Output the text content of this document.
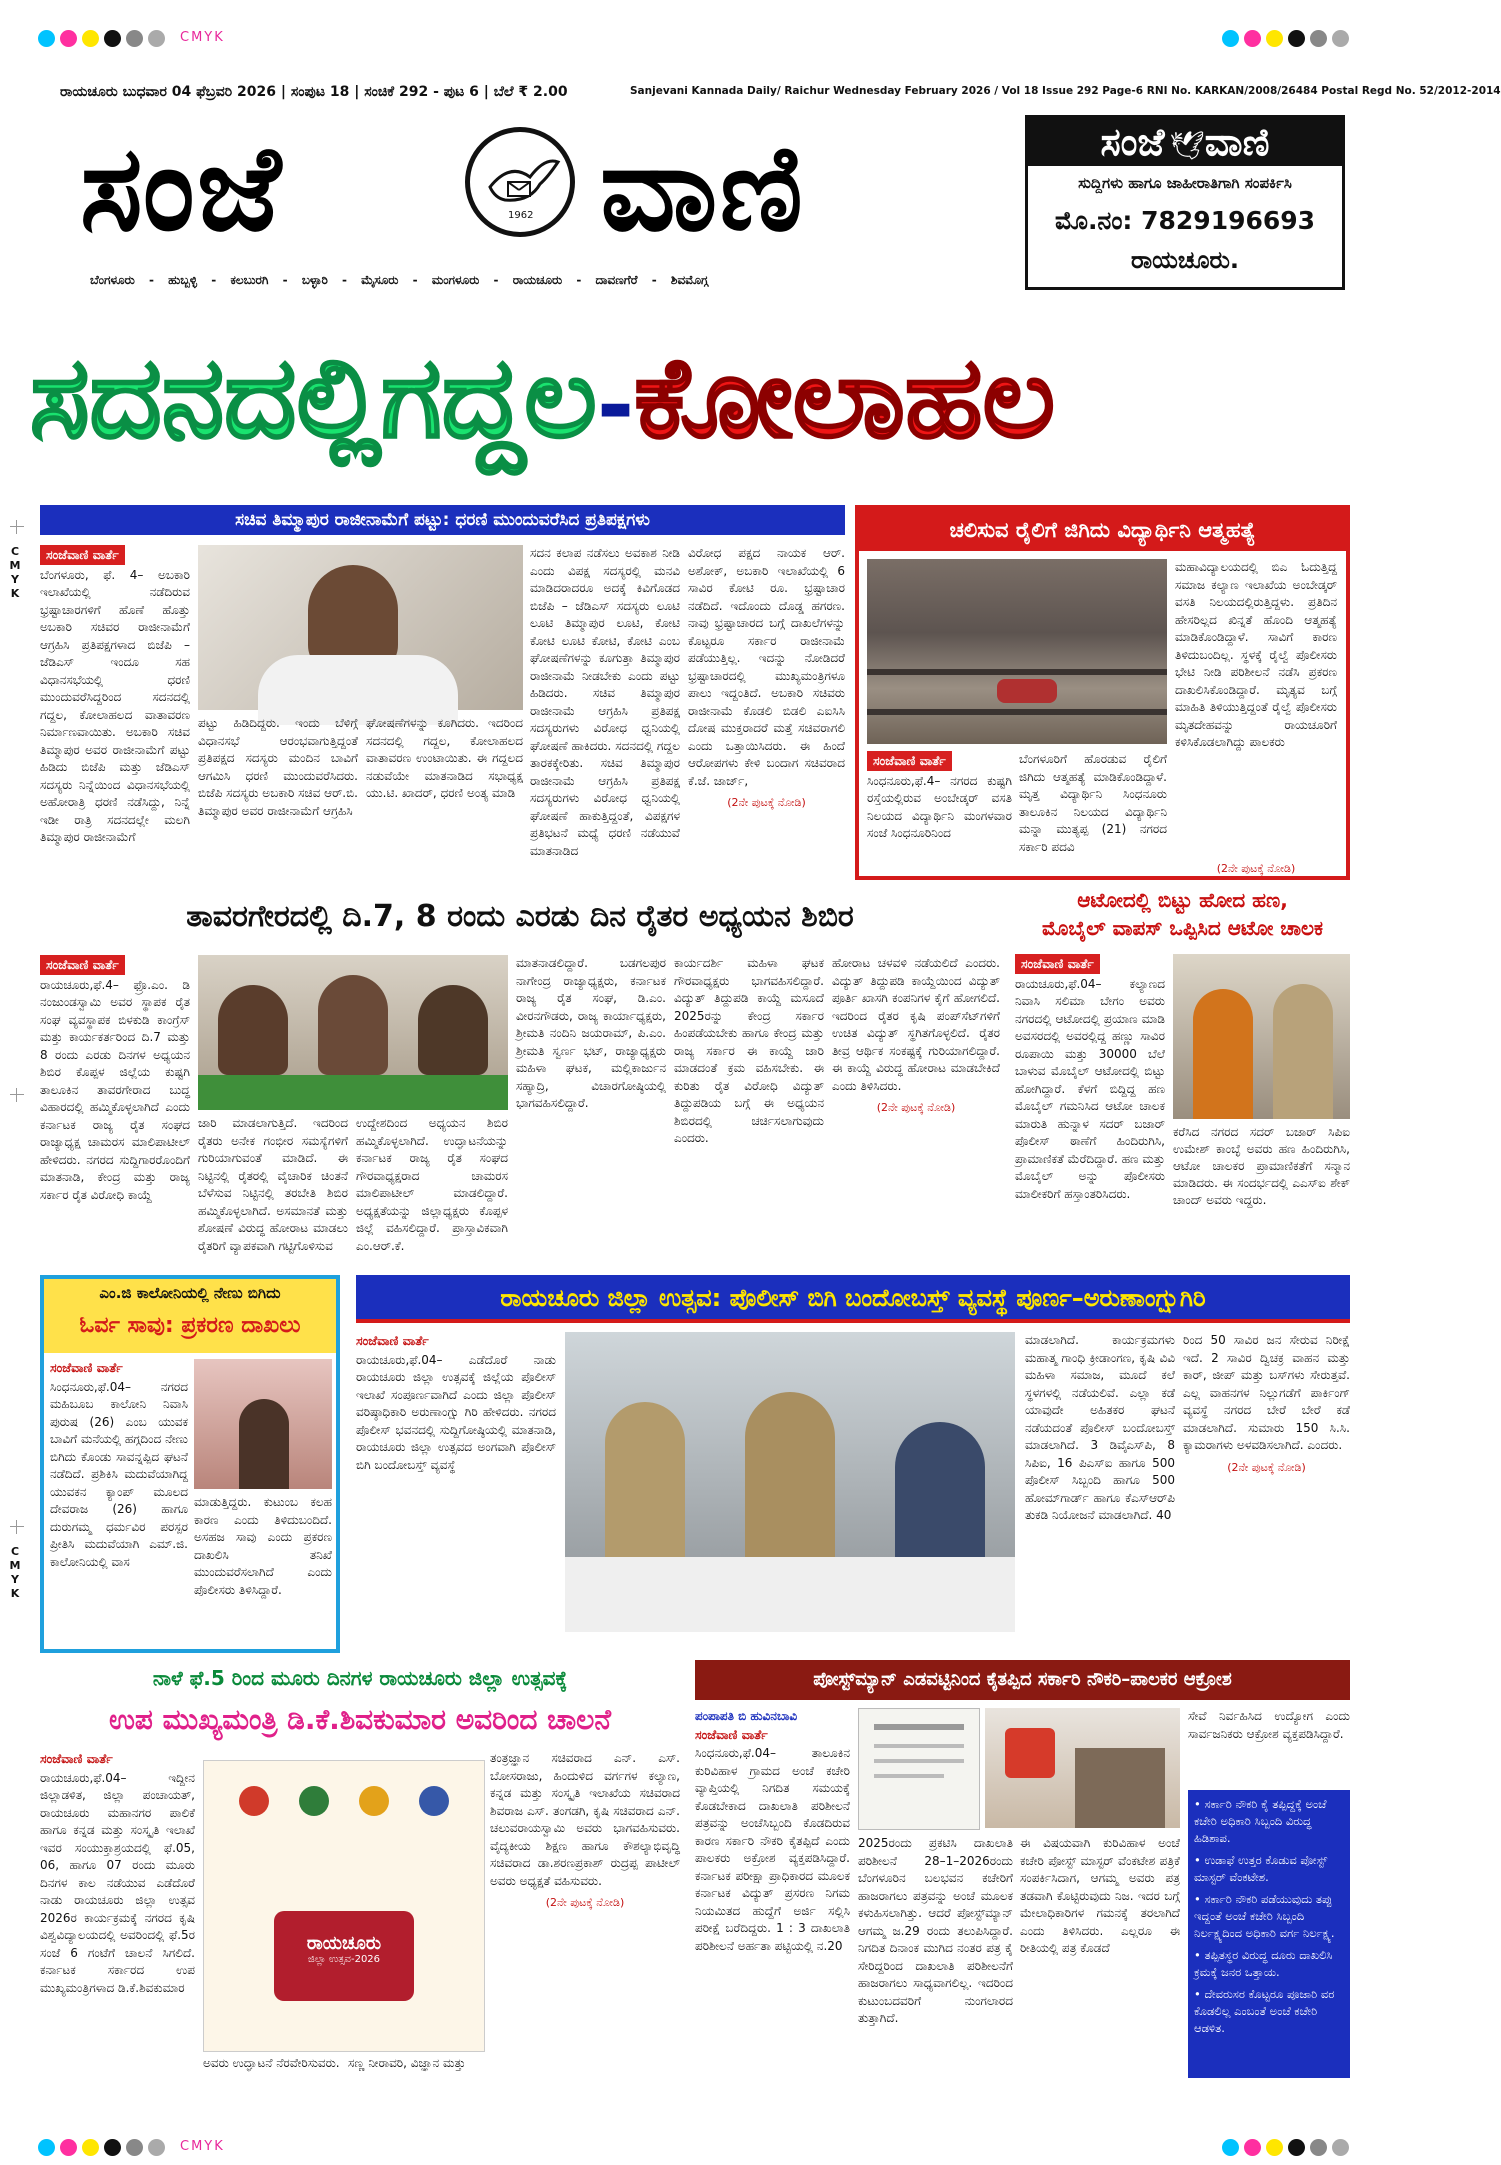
CMYK
ರಾಯಚೂರು ಬುಧವಾರ 04 ಫೆಬ್ರವರಿ 2026 | ಸಂಪುಟ 18 | ಸಂಚಿಕೆ 292 - ಪುಟ 6 | ಬೆಲೆ ₹ 2.00	Sanjevani Kannada Daily/ Raichur Wednesday February 2026 / Vol 18 Issue 292 Page-6 RNI No. KARKAN/2008/26484 Postal Regd No. 52/2012-2014
ಸಂಜೆ	1962 ವಾಣಿ
ಬೆಂಗಳೂರು - ಹುಬ್ಬಳ್ಳಿ - ಕಲಬುರಗಿ - ಬಳ್ಳಾರಿ - ಮೈಸೂರು - ಮಂಗಳೂರು - ರಾಯಚೂರು - ದಾವಣಗೆರೆ - ಶಿವಮೊಗ್ಗ
ಸಂಜೆ 🕊 ವಾಣಿ
ಸುದ್ದಿಗಳು ಹಾಗೂ ಜಾಹೀರಾತಿಗಾಗಿ ಸಂಪರ್ಕಿಸಿ
ಮೊ.ನಂ: 7829196693
ರಾಯಚೂರು.
ಸದನದಲ್ಲಿಗದ್ದಲ-ಕೋಲಾಹಲ
ಸಚಿವ ತಿಮ್ಮಾಪುರ ರಾಜೀನಾಮೆಗೆ ಪಟ್ಟು: ಧರಣಿ ಮುಂದುವರೆಸಿದ ಪ್ರತಿಪಕ್ಷಗಳು
ಸಂಜೆವಾಣಿ ವಾರ್ತೆ

ಬೆಂಗಳೂರು, ಫೆ. 4– ಅಬಕಾರಿ ಇಲಾಖೆಯಲ್ಲಿ ನಡೆದಿರುವ ಭ್ರಷ್ಟಾಚಾರಗಳಿಗೆ ಹೊಣೆ ಹೊತ್ತು ಅಬಕಾರಿ ಸಚಿವರ ರಾಜೀನಾಮೆಗೆ ಆಗ್ರಹಿಸಿ ಪ್ರತಿಪಕ್ಷಗಳಾದ ಬಿಜೆಪಿ – ಜೆಡಿಎಸ್ ಇಂದೂ ಸಹ ವಿಧಾನಸಭೆಯಲ್ಲಿ ಧರಣಿ ಮುಂದುವರೆಸಿದ್ದರಿಂದ ಸದನದಲ್ಲಿ ಗದ್ದಲ, ಕೋಲಾಹಲದ ವಾತಾವರಣ ನಿರ್ಮಾಣವಾಯಿತು. ಅಬಕಾರಿ ಸಚಿವ ತಿಮ್ಮಾಪುರ ಅವರ ರಾಜೀನಾಮೆಗೆ ಪಟ್ಟು ಹಿಡಿದು ಬಿಜೆಪಿ ಮತ್ತು ಜೆಡಿಎಸ್ ಸದಸ್ಯರು ನಿನ್ನೆಯಿಂದ ವಿಧಾನಸಭೆಯಲ್ಲಿ ಅಹೋರಾತ್ರಿ ಧರಣಿ ನಡೆಸಿದ್ದು, ನಿನ್ನೆ ಇಡೀ ರಾತ್ರಿ ಸದನದಲ್ಲೇ ಮಲಗಿ ತಿಮ್ಮಾಪುರ ರಾಜೀನಾಮೆಗೆ

ಪಟ್ಟು ಹಿಡಿದಿದ್ದರು. ಇಂದು ಬೆಳಿಗ್ಗೆ ವಿಧಾನಸಭೆ ಆರಂಭವಾಗುತ್ತಿದ್ದಂತೆ ಪ್ರತಿಪಕ್ಷದ ಸದಸ್ಯರು ಮಂದಿನ ಬಾವಿಗೆ ಆಗಮಿಸಿ ಧರಣಿ ಮುಂದುವರೆಸಿದರು. ಬಿಜೆಪಿ ಸದಸ್ಯರು ಅಬಕಾರಿ ಸಚಿವ ಆರ್.ಬಿ. ತಿಮ್ಮಾಪುರ ಅವರ ರಾಜೀನಾಮೆಗೆ ಆಗ್ರಹಿಸಿ

ಘೋಷಣೆಗಳನ್ನು ಕೂಗಿದರು. ಇದರಿಂದ ಸದನದಲ್ಲಿ ಗದ್ದಲ, ಕೋಲಾಹಲದ ವಾತಾವರಣ ಉಂಟಾಯಿತು. ಈ ಗದ್ದಲದ ನಡುವೆಯೇ ಮಾತನಾಡಿದ ಸಭಾಧ್ಯಕ್ಷ ಯು.ಟಿ. ಖಾದರ್, ಧರಣಿ ಅಂತ್ಯ ಮಾಡಿ

ಸದನ ಕಲಾಪ ನಡೆಸಲು ಅವಕಾಶ ನೀಡಿ ಎಂದು ವಿಪಕ್ಷ ಸದಸ್ಯರಲ್ಲಿ ಮನವಿ ಮಾಡಿದರಾದರೂ ಅದಕ್ಕೆ ಕಿವಿಗೊಡದ ಬಿಜೆಪಿ – ಜೆಡಿಎಸ್ ಸದಸ್ಯರು ಲೂಟಿ ಲೂಟಿ ತಿಮ್ಮಾಪುರ ಲೂಟಿ, ಕೋಟಿ ಕೋಟಿ ಲೂಟಿ ಕೋಟಿ, ಕೋಟಿ ಎಂಬ ಘೋಷಣೆಗಳನ್ನು ಕೂಗುತ್ತಾ ತಿಮ್ಮಾಪುರ ರಾಜೀನಾಮೆ ನೀಡಬೇಕು ಎಂದು ಪಟ್ಟು ಹಿಡಿದರು. ಸಚಿವ ತಿಮ್ಮಾಪುರ ರಾಜೀನಾಮೆ ಆಗ್ರಹಿಸಿ ಪ್ರತಿಪಕ್ಷ ಸದಸ್ಯರುಗಳು ವಿರೋಧ ಧ್ವನಿಯಲ್ಲಿ ಘೋಷಣೆ ಹಾಕಿದರು. ಸದನದಲ್ಲಿ ಗದ್ದಲ ತಾರಕಕ್ಕೇರಿತು. ಸಚಿವ ತಿಮ್ಮಾಪುರ ರಾಜೀನಾಮೆ ಆಗ್ರಹಿಸಿ ಪ್ರತಿಪಕ್ಷ ಸದಸ್ಯರುಗಳು ವಿರೋಧ ಧ್ವನಿಯಲ್ಲಿ ಘೋಷಣೆ ಹಾಕುತ್ತಿದ್ದಂತೆ, ವಿಪಕ್ಷಗಳ ಪ್ರತಿಭಟನೆ ಮಧ್ಯೆ ಧರಣಿ ನಡೆಯುವೆ ಮಾತನಾಡಿದ

ವಿರೋಧ ಪಕ್ಷದ ನಾಯಕ ಆರ್. ಅಶೋಕ್, ಅಬಕಾರಿ ಇಲಾಖೆಯಲ್ಲಿ 6 ಸಾವಿರ ಕೋಟಿ ರೂ. ಭ್ರಷ್ಟಾಚಾರ ನಡೆದಿದೆ. ಇದೊಂದು ದೊಡ್ಡ ಹಗರಣ. ನಾವು ಭ್ರಷ್ಟಾಚಾರದ ಬಗ್ಗೆ ದಾಖಲೆಗಳನ್ನು ಕೊಟ್ಟರೂ ಸರ್ಕಾರ ರಾಜೀನಾಮೆ ಪಡೆಯುತ್ತಿಲ್ಲ. ಇದನ್ನು ನೋಡಿದರೆ ಭ್ರಷ್ಟಾಚಾರದಲ್ಲಿ ಮುಖ್ಯಮಂತ್ರಿಗಳೂ ಪಾಲು ಇದ್ದಂತಿದೆ. ಅಬಕಾರಿ ಸಚಿವರು ರಾಜೀನಾಮೆ ಕೊಡಲಿ ಬಿಡಲಿ ಎಐಸಿಸಿ ದೋಷ ಮುಕ್ತರಾದರೆ ಮತ್ತೆ ಸಚಿವರಾಗಲಿ ಎಂದು ಒತ್ತಾಯಿಸಿದರು. ಈ ಹಿಂದೆ ಆರೋಪಗಳು ಕೇಳಿ ಬಂದಾಗ ಸಚಿವರಾದ ಕೆ.ಜೆ. ಜಾರ್ಜ್,

(2ನೇ ಪುಟಕ್ಕೆ ನೋಡಿ)
ಚಲಿಸುವ ರೈಲಿಗೆ ಜಿಗಿದು ವಿದ್ಯಾರ್ಥಿನಿ ಆತ್ಮಹತ್ಯೆ
ಸಂಜೆವಾಣಿ ವಾರ್ತೆ

ಸಿಂಧನೂರು,ಫೆ.4– ನಗರದ ಕುಷ್ಟಗಿ ರಸ್ತೆಯಲ್ಲಿರುವ ಅಂಬೇಡ್ಕರ್ ವಸತಿ ನಿಲಯದ ವಿದ್ಯಾರ್ಥಿನಿ ಮಂಗಳವಾರ ಸಂಜೆ ಸಿಂಧನೂರಿನಿಂದ

ಬೆಂಗಳೂರಿಗೆ ಹೊರಡುವ ರೈಲಿಗೆ ಜಿಗಿದು ಆತ್ಮಹತ್ಯೆ ಮಾಡಿಕೊಂಡಿದ್ದಾಳೆ. ಮೃತ್ತ ವಿದ್ಯಾರ್ಥಿನಿ ಸಿಂಧನೂರು ತಾಲೂಕಿನ ನಿಲಯದ ವಿದ್ಯಾರ್ಥಿನಿ ಮನ್ನಾ ಮುತ್ಯಪ್ಪ (21) ನಗರದ ಸರ್ಕಾರಿ ಪದವಿ

ಮಹಾವಿದ್ಯಾಲಯದಲ್ಲಿ ಬಿಎ ಓದುತ್ತಿದ್ದ ಸಮಾಜ ಕಲ್ಯಾಣ ಇಲಾಖೆಯ ಅಂಬೇಡ್ಕರ್ ವಸತಿ ನಿಲಯದಲ್ಲಿರುತ್ತಿದ್ದಳು. ಪ್ರತಿದಿನ ಹೇಸರಿಲ್ಲದ ಖಿನ್ನತೆ ಹೊಂದಿ ಆತ್ಮಹತ್ಯೆ ಮಾಡಿಕೊಂಡಿದ್ದಾಳೆ. ಸಾವಿಗೆ ಕಾರಣ ತಿಳಿದುಬಂದಿಲ್ಲ. ಸ್ಥಳಕ್ಕೆ ರೈಲ್ವೆ ಪೊಲೀಸರು ಭೇಟಿ ನೀಡಿ ಪರಿಶೀಲನೆ ನಡೆಸಿ ಪ್ರಕರಣ ದಾಖಲಿಸಿಕೊಂಡಿದ್ದಾರೆ. ಮೃತ್ಯವ ಬಗ್ಗೆ ಮಾಹಿತಿ ತಿಳಿಯುತ್ತಿದ್ದಂತೆ ರೈಲ್ವೆ ಪೊಲೀಸರು ಮೃತದೇಹವನ್ನು ರಾಯಚೂರಿಗೆ ಕಳಿಸಿಕೊಡಲಾಗಿದ್ದು ಪಾಲಕರು

(2ನೇ ಪುಟಕ್ಕೆ ನೋಡಿ)
ತಾವರಗೇರದಲ್ಲಿ ದಿ.7, 8 ರಂದು ಎರಡು ದಿನ ರೈತರ ಅಧ್ಯಯನ ಶಿಬಿರ
ಸಂಜೆವಾಣಿ ವಾರ್ತೆ

ರಾಯಚೂರು,ಫೆ.4– ಫ್ರೊ.ಎಂ. ಡಿ ನಂಜುಂಡಸ್ವಾಮಿ ಅವರ ಸ್ಥಾಪಕ ರೈತ ಸಂಘ ವ್ಯವಸ್ಥಾಪಕ ಬಿಳಕುಡಿ ಕಾಂಗ್ರೆಸ್ ಮತ್ತು ಕಾರ್ಯಕರ್ತರಿಂದ ದಿ.7 ಮತ್ತು 8 ರಂದು ಎರಡು ದಿನಗಳ ಅಧ್ಯಯನ ಶಿಬಿರ ಕೊಪ್ಪಳ ಜಿಲ್ಲೆಯ ಕುಷ್ಟಗಿ ತಾಲೂಕಿನ ತಾವರಗೇರಾದ ಬುದ್ಧ ವಿಹಾರದಲ್ಲಿ ಹಮ್ಮಿಕೊಳ್ಳಲಾಗಿದೆ ಎಂದು ಕರ್ನಾಟಕ ರಾಜ್ಯ ರೈತ ಸಂಘದ ರಾಜ್ಯಾಧ್ಯಕ್ಷ ಚಾಮರಸ ಮಾಲಿಪಾಟೀಲ್ ಹೇಳಿದರು. ನಗರದ ಸುದ್ದಿಗಾರರೊಂದಿಗೆ ಮಾತನಾಡಿ, ಕೇಂದ್ರ ಮತ್ತು ರಾಜ್ಯ ಸರ್ಕಾರ ರೈತ ವಿರೋಧಿ ಕಾಯ್ದೆ

ಜಾರಿ ಮಾಡಲಾಗುತ್ತಿದೆ. ಇದರಿಂದ ರೈತರು ಅನೇಕ ಗಂಭೀರ ಸಮಸ್ಯೆಗಳಿಗೆ ಗುರಿಯಾಗುವಂತೆ ಮಾಡಿದೆ. ಈ ನಿಟ್ಟಿನಲ್ಲಿ ರೈತರಲ್ಲಿ ವೈಚಾರಿಕ ಚಿಂತನೆ ಬೆಳೆಸುವ ನಿಟ್ಟಿನಲ್ಲಿ ತರಬೇತಿ ಶಿಬಿರ ಹಮ್ಮಿಕೊಳ್ಳಲಾಗಿದೆ. ಅಸಮಾನತೆ ಮತ್ತು ಶೋಷಣೆ ವಿರುದ್ಧ ಹೋರಾಟ ಮಾಡಲು ರೈತರಿಗೆ ವ್ಯಾಪಕವಾಗಿ ಗಟ್ಟಿಗೊಳಿಸುವ

ಉದ್ದೇಶದಿಂದ ಅಧ್ಯಯನ ಶಿಬಿರ ಹಮ್ಮಿಕೊಳ್ಳಲಾಗಿದೆ. ಉದ್ಘಾಟನೆಯನ್ನು ಕರ್ನಾಟಕ ರಾಜ್ಯ ರೈತ ಸಂಘದ ಗೌರವಾಧ್ಯಕ್ಷರಾದ ಚಾಮರಸ ಮಾಲಿಪಾಟೀಲ್ ಮಾಡಲಿದ್ದಾರೆ. ಅಧ್ಯಕ್ಷತೆಯನ್ನು ಜಿಲ್ಲಾಧ್ಯಕ್ಷರು ಕೊಪ್ಪಳ ಜಿಲ್ಲೆ ವಹಿಸಲಿದ್ದಾರೆ. ಪ್ರಾಸ್ತಾವಿಕವಾಗಿ ಎಂ.ಆರ್.ಕೆ.

ಮಾತನಾಡಲಿದ್ದಾರೆ. ಬಡಗಲಪುರ ನಾಗೇಂದ್ರ ರಾಜ್ಯಾಧ್ಯಕ್ಷರು, ಕರ್ನಾಟಕ ರಾಜ್ಯ ರೈತ ಸಂಘ, ಡಿ.ಎಂ. ವೀರನಗೌಡರು, ರಾಜ್ಯ ಕಾರ್ಯಾಧ್ಯಕ್ಷರು, ಶ್ರೀಮತಿ ನಂದಿನಿ ಜಯರಾಮ್, ಪಿ.ಎಂ. ಶ್ರೀಮತಿ ಸ್ವರ್ಣ ಭಟ್, ರಾಜ್ಯಾಧ್ಯಕ್ಷರು ಮಹಿಳಾ ಘಟಕ, ಮಲ್ಲಿಕಾರ್ಜುನ ಸಹ್ಯಾದ್ರಿ, ವಿಚಾರಗೋಷ್ಠಿಯಲ್ಲಿ ಭಾಗವಹಿಸಲಿದ್ದಾರೆ.

ಕಾರ್ಯದರ್ಶಿ ಮಹಿಳಾ ಘಟಕ ಗೌರವಾಧ್ಯಕ್ಷರು ಭಾಗವಹಿಸಲಿದ್ದಾರೆ. ವಿದ್ಯುತ್ ತಿದ್ದುಪಡಿ ಕಾಯ್ದೆ ಮಸೂದೆ 2025ರನ್ನು ಕೇಂದ್ರ ಸರ್ಕಾರ ಹಿಂಪಡೆಯಬೇಕು ಹಾಗೂ ಕೇಂದ್ರ ಮತ್ತು ರಾಜ್ಯ ಸರ್ಕಾರ ಈ ಕಾಯ್ದೆ ಜಾರಿ ಮಾಡದಂತೆ ಕ್ರಮ ವಹಿಸಬೇಕು. ಈ ಕುರಿತು ರೈತ ವಿರೋಧಿ ವಿದ್ಯುತ್ ತಿದ್ದುಪಡಿಯ ಬಗ್ಗೆ ಈ ಅಧ್ಯಯನ ಶಿಬಿರದಲ್ಲಿ ಚರ್ಚಿಸಲಾಗುವುದು ಎಂದರು.

ಹೋರಾಟ ಚಳವಳಿ ನಡೆಯಲಿದೆ ಎಂದರು. ವಿದ್ಯುತ್ ತಿದ್ದುಪಡಿ ಕಾಯ್ದೆಯಿಂದ ವಿದ್ಯುತ್ ಪೂರ್ತಿ ಖಾಸಗಿ ಕಂಪನಿಗಳ ಕೈಗೆ ಹೋಗಲಿದೆ. ಇದರಿಂದ ರೈತರ ಕೃಷಿ ಪಂಪ್‌ಸೆಟ್‌ಗಳಿಗೆ ಉಚಿತ ವಿದ್ಯುತ್ ಸ್ಥಗಿತಗೊಳ್ಳಲಿದೆ. ರೈತರ ತೀವ್ರ ಆರ್ಥಿಕ ಸಂಕಷ್ಟಕ್ಕೆ ಗುರಿಯಾಗಲಿದ್ದಾರೆ. ಈ ಕಾಯ್ದೆ ವಿರುದ್ಧ ಹೋರಾಟ ಮಾಡಬೇಕಿದೆ ಎಂದು ತಿಳಿಸಿದರು.

(2ನೇ ಪುಟಕ್ಕೆ ನೋಡಿ)
ಆಟೋದಲ್ಲಿ ಬಿಟ್ಟು ಹೋದ ಹಣ,
ಮೊಬೈಲ್ ವಾಪಸ್ ಒಪ್ಪಿಸಿದ ಆಟೋ ಚಾಲಕ
ಸಂಜೆವಾಣಿ ವಾರ್ತೆ

ರಾಯಚೂರು,ಫೆ.04– ಕಲ್ಯಾಣದ ನಿವಾಸಿ ಸಲಿಮಾ ಬೇಗಂ ಅವರು ನಗರದಲ್ಲಿ ಆಟೋದಲ್ಲಿ ಪ್ರಯಾಣ ಮಾಡಿ ಅವಸರದಲ್ಲಿ ಅವರಲ್ಲಿದ್ದ ಹಣ್ಣು ಸಾವಿರ ರೂಪಾಯಿ ಮತ್ತು 30000 ಬೆಲೆ ಬಾಳುವ ಮೊಬೈಲ್ ಆಟೋದಲ್ಲಿ ಬಿಟ್ಟು ಹೋಗಿದ್ದಾರೆ. ಕೆಳಗೆ ಬಿದ್ದಿದ್ದ ಹಣ ಮೊಬೈಲ್ ಗಮನಿಸಿದ ಆಟೋ ಚಾಲಕ ಮಾರುತಿ ಹುನ್ನಾಳ ಸದರ್ ಬಜಾರ್ ಪೊಲೀಸ್ ಠಾಣೆಗೆ ಹಿಂದಿರುಗಿಸಿ, ಪ್ರಾಮಾಣಿಕತೆ ಮೆರೆದಿದ್ದಾರೆ. ಹಣ ಮತ್ತು ಮೊಬೈಲ್ ಅನ್ನು ಪೊಲೀಸರು ಮಾಲೀಕರಿಗೆ ಹಸ್ತಾಂತರಿಸಿದರು.

ಕರೆಸಿದ ನಗರದ ಸದರ್ ಬಜಾರ್ ಸಿಪಿಐ ಉಮೇಶ್ ಕಾಂಬ್ಳೆ ಅವರು ಹಣ ಹಿಂದಿರುಗಿಸಿ, ಆಟೋ ಚಾಲಕರ ಪ್ರಾಮಾಣಿಕತೆಗೆ ಸನ್ಮಾನ ಮಾಡಿದರು. ಈ ಸಂದರ್ಭದಲ್ಲಿ ಎಎಸ್‌ಐ ಶೇಕ್ ಚಾಂದ್ ಅವರು ಇದ್ದರು.

ಎಂ.ಜಿ ಕಾಲೋನಿಯಲ್ಲಿ ನೇಣು ಬಿಗಿದು
ಓರ್ವ ಸಾವು: ಪ್ರಕರಣ ದಾಖಲು
ಸಂಜೆವಾಣಿ ವಾರ್ತೆ

ಸಿಂಧನೂರು,ಫೆ.04– ನಗರದ ಮಹಿಬೂಬ ಕಾಲೋನಿ ನಿವಾಸಿ ಪುರುಷ (26) ಎಂಬ ಯುವಕ ಬಾವಿಗೆ ಮನೆಯಲ್ಲಿ ಹಗ್ಗದಿಂದ ನೇಣು ಬಿಗಿದು ಕೊಂಡು ಸಾವನ್ನಪ್ಪಿದ ಘಟನೆ ನಡೆದಿದೆ. ಪ್ರಶಿಕಿಸಿ ಮದುವೆಯಾಗಿದ್ದ ಯುವಕನ ಕ್ಯಾಂಪ್ ಮೂಲದ ದೇವರಾಜ (26) ಹಾಗೂ ದುರುಗಮ್ಮ ಧರ್ಮವಿರ ಪರಸ್ಪರ ಪ್ರೀತಿಸಿ ಮದುವೆಯಾಗಿ ಎಮ್.ಜಿ. ಕಾಲೋನಿಯಲ್ಲಿ ವಾಸ

ಮಾಡುತ್ತಿದ್ದರು. ಕುಟುಂಬ ಕಲಹ ಕಾರಣ ಎಂದು ತಿಳಿದುಬಂದಿದೆ. ಅಸಹಜ ಸಾವು ಎಂದು ಪ್ರಕರಣ ದಾಖಲಿಸಿ ತನಿಖೆ ಮುಂದುವರೆಸಲಾಗಿದೆ ಎಂದು ಪೊಲೀಸರು ತಿಳಿಸಿದ್ದಾರೆ.

ರಾಯಚೂರು ಜಿಲ್ಲಾ ಉತ್ಸವ: ಪೊಲೀಸ್ ಬಿಗಿ ಬಂದೋಬಸ್ತ್ ವ್ಯವಸ್ಥೆ ಪೂರ್ಣ–ಅರುಣಾಂಗ್ಷುಗಿರಿ
ಸಂಜೆವಾಣಿ ವಾರ್ತೆ

ರಾಯಚೂರು,ಫೆ.04– ಎಡೆದೊರೆ ನಾಡು ರಾಯಚೂರು ಜಿಲ್ಲಾ ಉತ್ಸವಕ್ಕೆ ಜಿಲ್ಲೆಯ ಪೊಲೀಸ್ ಇಲಾಖೆ ಸಂಪೂರ್ಣವಾಗಿದೆ ಎಂದು ಜಿಲ್ಲಾ ಪೊಲೀಸ್ ವರಿಷ್ಠಾಧಿಕಾರಿ ಅರುಣಾಂಗ್ಷು ಗಿರಿ ಹೇಳಿದರು. ನಗರದ ಪೊಲೀಸ್ ಭವನದಲ್ಲಿ ಸುದ್ದಿಗೋಷ್ಠಿಯಲ್ಲಿ ಮಾತನಾಡಿ, ರಾಯಚೂರು ಜಿಲ್ಲಾ ಉತ್ಸವದ ಅಂಗವಾಗಿ ಪೊಲೀಸ್ ಬಿಗಿ ಬಂದೋಬಸ್ತ್ ವ್ಯವಸ್ಥೆ

ಮಾಡಲಾಗಿದೆ. ಕಾರ್ಯಕ್ರಮಗಳು ಮಹಾತ್ಮ ಗಾಂಧಿ ಕ್ರೀಡಾಂಗಣ, ಕೃಷಿ ವಿವಿ ಮಹಿಳಾ ಸಮಾಜ, ಮೂದೆ ಕಲೆ ಸ್ಥಳಗಳಲ್ಲಿ ನಡೆಯಲಿವೆ. ಎಲ್ಲಾ ಕಡೆ ಯಾವುದೇ ಅಹಿತಕರ ಘಟನೆ ನಡೆಯದಂತೆ ಪೊಲೀಸ್ ಬಂದೋಬಸ್ತ್ ಮಾಡಲಾಗಿದೆ. 3 ಡಿವೈಎಸ್‌ಪಿ, 8 ಸಿಪಿಐ, 16 ಪಿಎಸ್‌ಐ ಹಾಗೂ 500 ಪೊಲೀಸ್ ಸಿಬ್ಬಂದಿ ಹಾಗೂ 500 ಹೋಮ್‌ಗಾರ್ಡ್ ಹಾಗೂ ಕೆಎಸ್‌ಆರ್‌ಪಿ ತುಕಡಿ ನಿಯೋಜನೆ ಮಾಡಲಾಗಿದೆ. 40

ರಿಂದ 50 ಸಾವಿರ ಜನ ಸೇರುವ ನಿರೀಕ್ಷೆ ಇದೆ. 2 ಸಾವಿರ ದ್ವಿಚಕ್ರ ವಾಹನ ಮತ್ತು ಕಾರ್, ಜೀಪ್ ಮತ್ತು ಬಸ್‌ಗಳು ಸೇರುತ್ತವೆ. ಎಲ್ಲ ವಾಹನಗಳ ನಿಲ್ಲುಗಡೆಗೆ ಪಾರ್ಕಿಂಗ್ ವ್ಯವಸ್ಥೆ ನಗರದ ಬೇರೆ ಬೇರೆ ಕಡೆ ಮಾಡಲಾಗಿದೆ. ಸುಮಾರು 150 ಸಿ.ಸಿ. ಕ್ಯಾಮರಾಗಳು ಅಳವಡಿಸಲಾಗಿದೆ. ಎಂದರು.

(2ನೇ ಪುಟಕ್ಕೆ ನೋಡಿ)
ನಾಳೆ ಫೆ.5 ರಿಂದ ಮೂರು ದಿನಗಳ ರಾಯಚೂರು ಜಿಲ್ಲಾ ಉತ್ಸವಕ್ಕೆ
ಉಪ ಮುಖ್ಯಮಂತ್ರಿ ಡಿ.ಕೆ.ಶಿವಕುಮಾರ ಅವರಿಂದ ಚಾಲನೆ
ಸಂಜೆವಾಣಿ ವಾರ್ತೆ

ರಾಯಚೂರು,ಫೆ.04– ಇದ್ದೀನ ಜಿಲ್ಲಾಡಳಿತ, ಜಿಲ್ಲಾ ಪಂಚಾಯತ್, ರಾಯಚೂರು ಮಹಾನಗರ ಪಾಲಿಕೆ ಹಾಗೂ ಕನ್ನಡ ಮತ್ತು ಸಂಸ್ಕೃತಿ ಇಲಾಖೆ ಇವರ ಸಂಯುಕ್ತಾಶ್ರಯದಲ್ಲಿ ಫೆ.05, 06, ಹಾಗೂ 07 ರಂದು ಮೂರು ದಿನಗಳ ಕಾಲ ನಡೆಯುವ ಎಡೆದೊರೆ ನಾಡು ರಾಯಚೂರು ಜಿಲ್ಲಾ ಉತ್ಸವ 2026ರ ಕಾರ್ಯಕ್ರಮಕ್ಕೆ ನಗರದ ಕೃಷಿ ವಿಶ್ವವಿದ್ಯಾಲಯದಲ್ಲಿ ಅವರಿಂದಲ್ಲಿ ಫೆ.5ರ ಸಂಜೆ 6 ಗಂಟೆಗೆ ಚಾಲನೆ ಸಿಗಲಿದೆ. ಕರ್ನಾಟಕ ಸರ್ಕಾರದ ಉಪ ಮುಖ್ಯಮಂತ್ರಿಗಳಾದ ಡಿ.ಕೆ.ಶಿವಕುಮಾರ

ರಾಯಚೂರು
ಜಿಲ್ಲಾ ಉತ್ಸವ-2026
ಅವರು ಉದ್ಘಾಟನೆ ನೆರವೇರಿಸುವರು. ಸಣ್ಣ ನೀರಾವರಿ, ವಿಜ್ಞಾನ ಮತ್ತು

ತಂತ್ರಜ್ಞಾನ ಸಚಿವರಾದ ಎನ್. ಎಸ್. ಬೋಸರಾಜು, ಹಿಂದುಳಿದ ವರ್ಗಗಳ ಕಲ್ಯಾಣ, ಕನ್ನಡ ಮತ್ತು ಸಂಸ್ಕೃತಿ ಇಲಾಖೆಯ ಸಚಿವರಾದ ಶಿವರಾಜ ಎಸ್. ತಂಗಡಗಿ, ಕೃಷಿ ಸಚಿವರಾದ ಎನ್. ಚಲುವರಾಯಸ್ವಾಮಿ ಅವರು ಭಾಗವಹಿಸುವರು. ವೈದ್ಯಕೀಯ ಶಿಕ್ಷಣ ಹಾಗೂ ಕೌಶಲ್ಯಾಭಿವೃದ್ಧಿ ಸಚಿವರಾದ ಡಾ.ಶರಣಪ್ರಕಾಶ್ ರುದ್ರಪ್ಪ ಪಾಟೀಲ್ ಅವರು ಅಧ್ಯಕ್ಷತೆ ವಹಿಸುವರು.

(2ನೇ ಪುಟಕ್ಕೆ ನೋಡಿ)
ಪೋಸ್ಟ್‌ಮ್ಯಾನ್ ಎಡವಟ್ಟಿನಿಂದ ಕೈತಪ್ಪಿದ ಸರ್ಕಾರಿ ನೌಕರಿ–ಪಾಲಕರ ಆಕ್ರೋಶ
ಪಂಪಾಪತಿ ಬಿ ಹುವಿನಬಾವಿ
ಸಂಜೆವಾಣಿ ವಾರ್ತೆ

ಸಿಂಧನೂರು,ಫೆ.04– ತಾಲೂಕಿನ ಕುರಿವಿಹಾಳ ಗ್ರಾಮದ ಅಂಚೆ ಕಚೇರಿ ವ್ಯಾಪ್ತಿಯಲ್ಲಿ ನಿಗದಿತ ಸಮಯಕ್ಕೆ ಕೊಡಬೇಕಾದ ದಾಖಲಾತಿ ಪರಿಶೀಲನೆ ಪತ್ರವನ್ನು ಅಂಚೆಸಿಬ್ಬಂದಿ ಕೊಡದಿರುವ ಕಾರಣ ಸರ್ಕಾರಿ ನೌಕರಿ ಕೈತಪ್ಪಿದೆ ಎಂದು ಪಾಲಕರು ಅಕ್ರೋಶ ವ್ಯಕ್ತಪಡಿಸಿದ್ದಾರೆ. ಕರ್ನಾಟಕ ಪರೀಕ್ಷಾ ಪ್ರಾಧಿಕಾರದ ಮೂಲಕ ಕರ್ನಾಟಕ ವಿದ್ಯುತ್ ಪ್ರಸರಣ ನಿಗಮ ನಿಯಮಿತದ ಹುದ್ದೆಗೆ ಅರ್ಜಿ ಸಲ್ಲಿಸಿ ಪರೀಕ್ಷೆ ಬರೆದಿದ್ದರು. 1 : 3 ದಾಖಲಾತಿ ಪರಿಶೀಲನೆ ಅರ್ಹತಾ ಪಟ್ಟಿಯಲ್ಲಿ ನ.20

2025ರಂದು ಪ್ರಕಟಿಸಿ ದಾಖಲಾತಿ ಪರಿಶೀಲನೆ 28–1–2026ರಂದು ಬೆಂಗಳೂರಿನ ಬಲಭವನ ಕಚೇರಿಗೆ ಹಾಜರಾಗಲು ಪತ್ರವನ್ನು ಅಂಚೆ ಮೂಲಕ ಕಳುಹಿಸಲಾಗಿತ್ತು. ಆದರೆ ಪೋಸ್ಟ್‌ಮ್ಯಾನ್ ಆಗಮ್ಮ ಜ.29 ರಂದು ತಲುಪಿಸಿದ್ದಾರೆ. ನಿಗದಿತ ದಿನಾಂಕ ಮುಗಿದ ನಂತರ ಪತ್ರ ಕೈ ಸೇರಿದ್ದರಿಂದ ದಾಖಲಾತಿ ಪರಿಶೀಲನೆಗೆ ಹಾಜರಾಗಲು ಸಾಧ್ಯವಾಗಲಿಲ್ಲ. ಇದರಿಂದ ಕುಟುಂಬದವರಿಗೆ ನುಂಗಲಾರದ ತುತ್ತಾಗಿದೆ.

ಈ ವಿಷಯವಾಗಿ ಕುರಿವಿಹಾಳ ಅಂಚೆ ಕಚೇರಿ ಪೋಸ್ಟ್ ಮಾಸ್ಟರ್ ವೆಂಕಟೇಶ ಪತ್ರಿಕೆ ಸಂಪರ್ಕಿಸಿದಾಗ, ಆಗಮ್ಮ ಅವರು ಪತ್ರ ತಡವಾಗಿ ಕೊಟ್ಟಿರುವುದು ನಿಜ. ಇದರ ಬಗ್ಗೆ ಮೇಲಾಧಿಕಾರಿಗಳ ಗಮನಕ್ಕೆ ತರಲಾಗಿದೆ ಎಂದು ತಿಳಿಸಿದರು. ಎಲ್ಲರೂ ಈ ರೀತಿಯಲ್ಲಿ ಪತ್ರ ಕೊಡದೆ

ಸೇವೆ ನಿರ್ವಹಿಸಿದ ಉದ್ಯೋಗ ಎಂದು ಸಾರ್ವಜನಿಕರು ಆಕ್ರೋಶ ವ್ಯಕ್ತಪಡಿಸಿದ್ದಾರೆ.

• ಸರ್ಕಾರಿ ನೌಕರಿ ಕೈ ತಪ್ಪಿದ್ದಕ್ಕೆ ಅಂಚೆ ಕಚೇರಿ ಅಧಿಕಾರಿ ಸಿಬ್ಬಂದಿ ವಿರುದ್ಧ ಹಿಡಿಶಾಪ.
• ಉಡಾಫೆ ಉತ್ತರ ಕೊಡುವ ಪೋಸ್ಟ್ ಮಾಸ್ಟರ್ ವೆಂಕಟೇಶ.
• ಸರ್ಕಾರಿ ನೌಕರಿ ಪಡೆಯುವುದು ತಪ್ಪು ಇದ್ದಂತೆ ಅಂಚೆ ಕಚೇರಿ ಸಿಬ್ಬಂದಿ ನಿರ್ಲಕ್ಷ್ಯದಿಂದ ಅಧಿಕಾರಿ ವರ್ಗ ನಿರ್ಲಕ್ಷ್ಯ.
• ತಪ್ಪಿತಸ್ಥರ ವಿರುದ್ಧ ದೂರು ದಾಖಲಿಸಿ ಕ್ರಮಕ್ಕೆ ಜನರ ಒತ್ತಾಯ.
• ದೇವರುಸರ ಕೊಟ್ಟರೂ ಪೂಜಾರಿ ವರ ಕೊಡಲಿಲ್ಲ ಎಂಬಂತೆ ಅಂಚೆ ಕಚೇರಿ ಆಡಳಿತ.
CMYK
C
M
Y
K
C
M
Y
K
